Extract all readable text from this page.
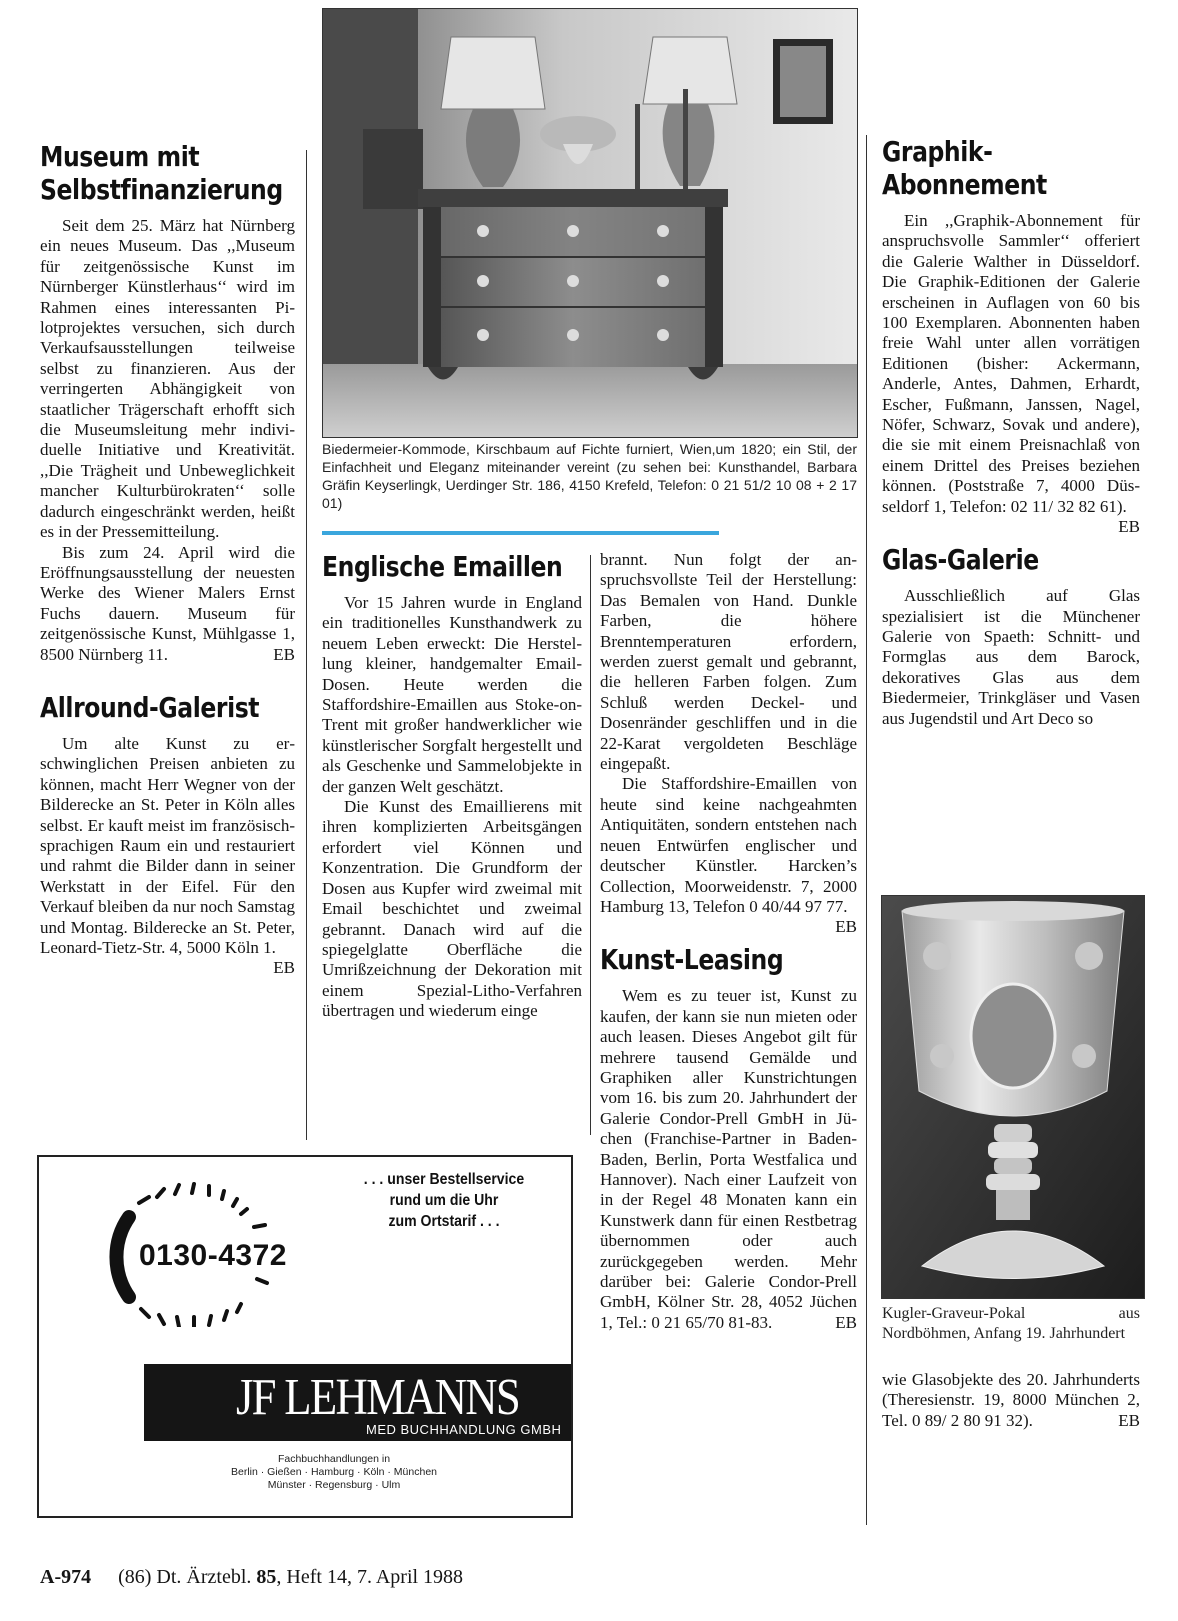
Museum mit
Selbstfinanzierung

Seit dem 25. März hat Nürnberg ein neues Museum. Das ,,Museum für zeitgenössische Kunst im Nürnberger Künstlerhaus‘‘ wird im Rahmen eines interessanten Pilotprojektes versuchen, sich durch Verkaufsausstellungen teilweise selbst zu finanzieren. Aus der verringerten Abhängigkeit von staatlicher Trägerschaft erhofft sich die Museumsleitung mehr individuelle Initiative und Kreativität. ,,Die Trägheit und Unbeweglichkeit mancher Kulturbürokraten‘‘ solle dadurch eingeschränkt werden, heißt es in der Pressemitteilung.

Bis zum 24. April wird die Eröffnungsausstellung der neuesten Werke des Wiener Malers Ernst Fuchs dauern. Museum für zeitgenössische Kunst, Mühlgasse 1, 8500 Nürnberg 11.	EB

Allround-Galerist

Um alte Kunst zu erschwinglichen Preisen anbieten zu können, macht Herr Wegner von der Bilderecke an St. Peter in Köln alles selbst. Er kauft meist im französischsprachigen Raum ein und restauriert und rahmt die Bilder dann in seiner Werkstatt in der Eifel. Für den Verkauf bleiben da nur noch Samstag und Montag. Bilderecke an St. Peter, Leonard-Tietz-Str. 4, 5000 Köln 1.
EB

Biedermeier-Kommode, Kirschbaum auf Fichte furniert, Wien,um 1820; ein Stil, der Einfachheit und Eleganz miteinander vereint (zu sehen bei: Kunsthandel, Barbara Gräfin Keyserlingk, Uerdinger Str. 186, 4150 Krefeld, Telefon: 0 21 51/2 10 08 + 2 17 01)
Englische Emaillen

Vor 15 Jahren wurde in England ein traditionelles Kunsthandwerk zu neuem Leben erweckt: Die Herstellung kleiner, handgemalter Email-Dosen. Heute werden die Staffordshire-Emaillen aus Stoke-on-Trent mit großer handwerklicher wie künstlerischer Sorgfalt hergestellt und als Geschenke und Sammelobjekte in der ganzen Welt geschätzt.

Die Kunst des Emaillierens mit ihren komplizierten Arbeitsgängen erfordert viel Können und Konzentration. Die Grundform der Dosen aus Kupfer wird zweimal mit Email beschichtet und zweimal gebrannt. Danach wird auf die spiegelglatte Oberfläche die Umrißzeichnung der Dekoration mit einem Spezial-Litho-Verfahren übertragen und wiederum einge

brannt. Nun folgt der anspruchsvollste Teil der Herstellung: Das Bemalen von Hand. Dunkle Farben, die höhere Brenntemperaturen erfordern, werden zuerst gemalt und gebrannt, die helleren Farben folgen. Zum Schluß werden Deckel- und Dosenränder geschliffen und in die 22-Karat vergoldeten Beschläge eingepaßt.

Die Staffordshire-Emaillen von heute sind keine nachgeahmten Antiquitäten, sondern entstehen nach neuen Entwürfen englischer und deutscher Künstler. Harcken’s Collection, Moorweidenstr. 7, 2000 Hamburg 13, Telefon 0 40/44 97 77.
EB

Kunst-Leasing

Wem es zu teuer ist, Kunst zu kaufen, der kann sie nun mieten oder auch leasen. Dieses Angebot gilt für mehrere tausend Gemälde und Graphiken aller Kunstrichtungen vom 16. bis zum 20. Jahrhundert der Galerie Condor-Prell GmbH in Jüchen (Franchise-Partner in Baden-Baden, Berlin, Porta Westfalica und Hannover). Nach einer Laufzeit von in der Regel 48 Monaten kann ein Kunstwerk dann für einen Restbetrag übernommen oder auch zurückgegeben werden. Mehr darüber bei: Galerie Condor-Prell GmbH, Kölner Str. 28, 4052 Jüchen 1, Tel.: 0 21 65/70 81-83.	EB

Graphik-
Abonnement

Ein ,,Graphik-Abonnement für anspruchsvolle Sammler‘‘ offeriert die Galerie Walther in Düsseldorf. Die Graphik-Editionen der Galerie erscheinen in Auflagen von 60 bis 100 Exemplaren. Abonnenten haben freie Wahl unter allen vorrätigen Editionen (bisher: Ackermann, Anderle, Antes, Dahmen, Erhardt, Escher, Fußmann, Janssen, Nagel, Nöfer, Schwarz, Sovak und andere), die sie mit einem Preisnachlaß von einem Drittel des Preises beziehen können. (Poststraße 7, 4000 Düsseldorf 1, Telefon: 02 11/ 32 82 61).
EB

Glas-Galerie

Ausschließlich auf Glas spezialisiert ist die Münchener Galerie von Spaeth: Schnitt- und Formglas aus dem Barock, dekoratives Glas aus dem Biedermeier, Trinkgläser und Vasen aus Jugendstil und Art Deco so

Kugler-Graveur-Pokal aus Nordböhmen, Anfang 19. Jahrhundert

wie Glasobjekte des 20. Jahrhunderts (Theresienstr. 19, 8000 München 2, Tel. 0 89/ 2 80 91 32).	EB

0130-4372
. . . unser Bestellservice
rund um die Uhr
zum Ortstarif . . .
JF LEHMANNS
MED BUCHHANDLUNG GMBH
Fachbuchhandlungen in
Berlin · Gießen · Hamburg · Köln · München
Münster · Regensburg · Ulm
A-974 (86) Dt. Ärztebl. 85, Heft 14, 7. April 1988
